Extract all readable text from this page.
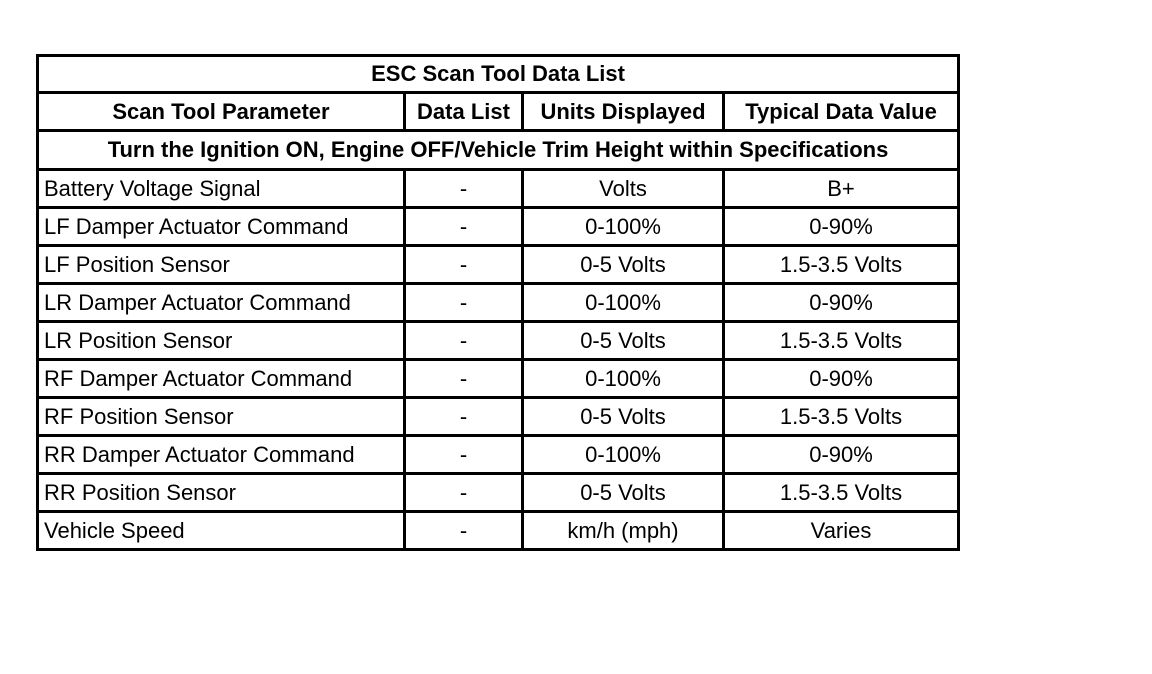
ESC Scan Tool Data List			
Scan Tool Parameter	Data List	Units Displayed	Typical Data Value
Turn the Ignition ON, Engine OFF/Vehicle Trim Height within Specifications			
Battery Voltage Signal	-	Volts	B+
LF Damper Actuator Command	-	0-100%	0-90%
LF Position Sensor	-	0-5 Volts	1.5-3.5 Volts
LR Damper Actuator Command	-	0-100%	0-90%
LR Position Sensor	-	0-5 Volts	1.5-3.5 Volts
RF Damper Actuator Command	-	0-100%	0-90%
RF Position Sensor	-	0-5 Volts	1.5-3.5 Volts
RR Damper Actuator Command	-	0-100%	0-90%
RR Position Sensor	-	0-5 Volts	1.5-3.5 Volts
Vehicle Speed	-	km/h (mph)	Varies
